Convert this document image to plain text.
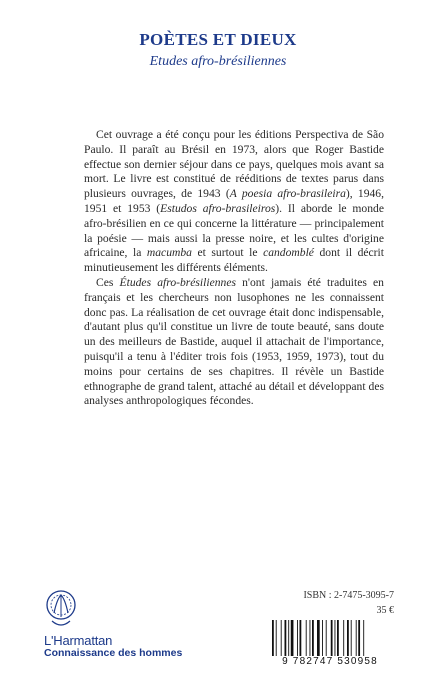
POÈTES ET DIEUX
Etudes afro-brésiliennes

Cet ouvrage a été conçu pour les éditions Perspectiva de São Paulo. Il paraît au Brésil en 1973, alors que Roger Bastide effectue son dernier séjour dans ce pays, quelques mois avant sa mort. Le livre est constitué de rééditions de textes parus dans plusieurs ouvrages, de 1943 (A poesia afro-brasileira), 1946, 1951 et 1953 (Estudos afro-brasileiros). Il aborde le monde afro-brésilien en ce qui concerne la littérature — principalement la poésie — mais aussi la presse noire, et les cultes d'origine africaine, la macumba et surtout le candomblé dont il décrit minutieusement les différents éléments.

Ces Études afro-brésiliennes n'ont jamais été traduites en français et les chercheurs non lusophones ne les connaissent donc pas. La réalisation de cet ouvrage était donc indispensable, d'autant plus qu'il constitue un livre de toute beauté, sans doute un des meilleurs de Bastide, auquel il attachait de l'importance, puisqu'il a tenu à l'éditer trois fois (1953, 1959, 1973), tout du moins pour certains de ses chapitres. Il révèle un Bastide ethnographe de grand talent, attaché au détail et développant des analyses anthropologiques fécondes.

ISBN : 2-7475-3095-7
35 €
L'Harmattan
Connaissance des hommes
9 782747 530958
